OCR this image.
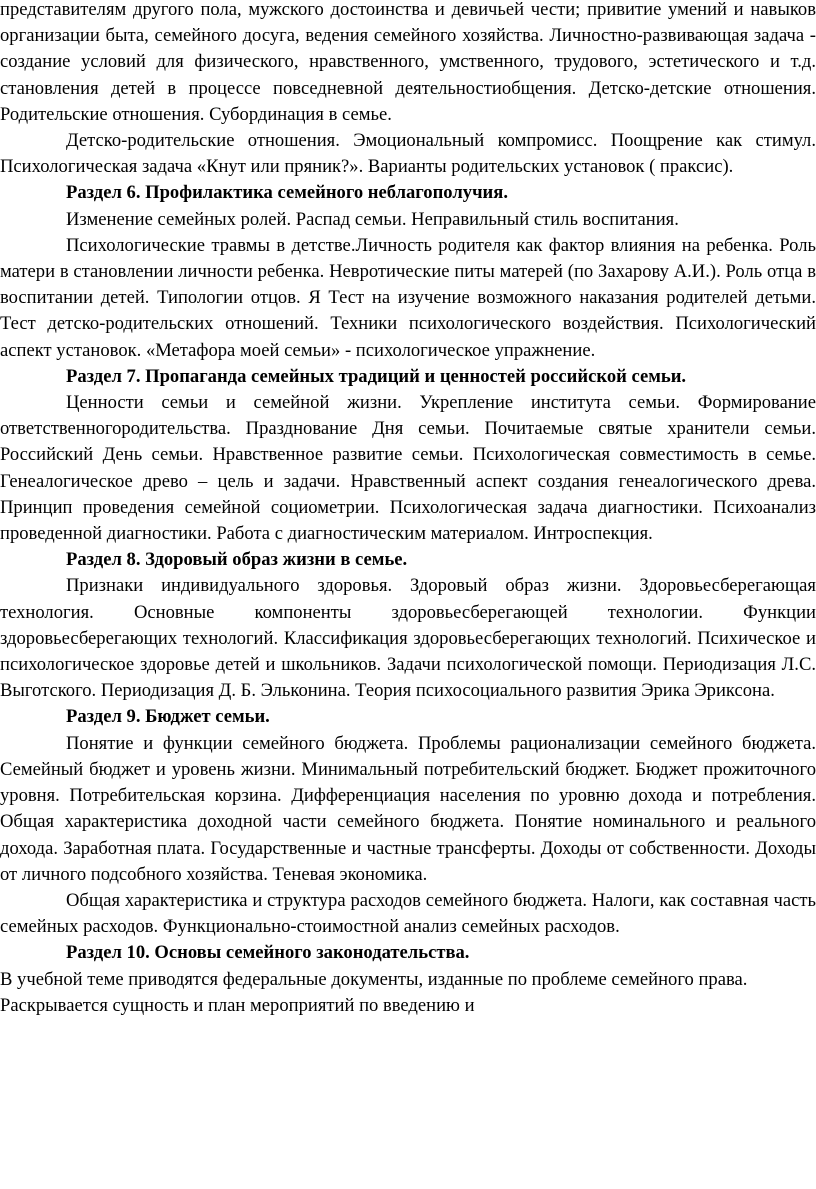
представителям другого пола, мужского достоинства и девичьей чести; привитие умений и навыков организации быта, семейного досуга, ведения семейного хозяйства. Личностно-развивающая задача - создание условий для физического, нравственного, умственного, трудового, эстетического и т.д. становления детей в процессе повседневной деятельностиобщения. Детско-детские отношения. Родительские отношения. Субординация в семье.

Детско-родительские отношения. Эмоциональный компромисс. Поощрение как стимул. Психологическая задача «Кнут или пряник?». Варианты родительских установок ( праксис).

Раздел 6. Профилактика семейного неблагополучия.

Изменение семейных ролей. Распад семьи. Неправильный стиль воспитания.

Психологические травмы в детстве.Личность родителя как фактор влияния на ребенка. Роль матери в становлении личности ребенка. Невротические питы матерей (по Захарову А.И.). Роль отца в воспитании детей. Типологии отцов. Я Тест на изучение возможного наказания родителей детьми. Тест детско-родительских отношений. Техники психологического воздействия. Психологический аспект установок. «Метафора моей семьи» - психологическое упражнение.

Раздел 7. Пропаганда семейных традиций и ценностей российской семьи.

Ценности семьи и семейной жизни. Укрепление института семьи. Формирование ответственногородительства. Празднование Дня семьи. Почитаемые святые хранители семьи. Российский День семьи. Нравственное развитие семьи. Психологическая совместимость в семье. Генеалогическое древо – цель и задачи. Нравственный аспект создания генеалогического древа. Принцип проведения семейной социометрии. Психологическая задача диагностики. Психоанализ проведенной диагностики. Работа с диагностическим материалом. Интроспекция.

Раздел 8. Здоровый образ жизни в семье.

Признаки индивидуального здоровья. Здоровый образ жизни. Здоровьесберегающая технология. Основные компоненты здоровьесберегающей технологии. Функции здоровьесберегающих технологий. Классификация здоровьесберегающих технологий. Психическое и психологическое здоровье детей и школьников. Задачи психологической помощи. Периодизация Л.С. Выготского. Периодизация Д. Б. Эльконина. Теория психосоциального развития Эрика Эриксона.

Раздел 9. Бюджет семьи.

Понятие и функции семейного бюджета. Проблемы рационализации семейного бюджета. Семейный бюджет и уровень жизни. Минимальный потребительский бюджет. Бюджет прожиточного уровня. Потребительская корзина. Дифференциация населения по уровню дохода и потребления. Общая характеристика доходной части семейного бюджета. Понятие номинального и реального дохода. Заработная плата. Государственные и частные трансферты. Доходы от собственности. Доходы от личного подсобного хозяйства. Теневая экономика.

Общая характеристика и структура расходов семейного бюджета. Налоги, как составная часть семейных расходов. Функционально-стоимостной анализ семейных расходов.

Раздел 10. Основы семейного законодательства.

В учебной теме приводятся федеральные документы, изданные по проблеме семейного права. Раскрывается сущность и план мероприятий по введению и
